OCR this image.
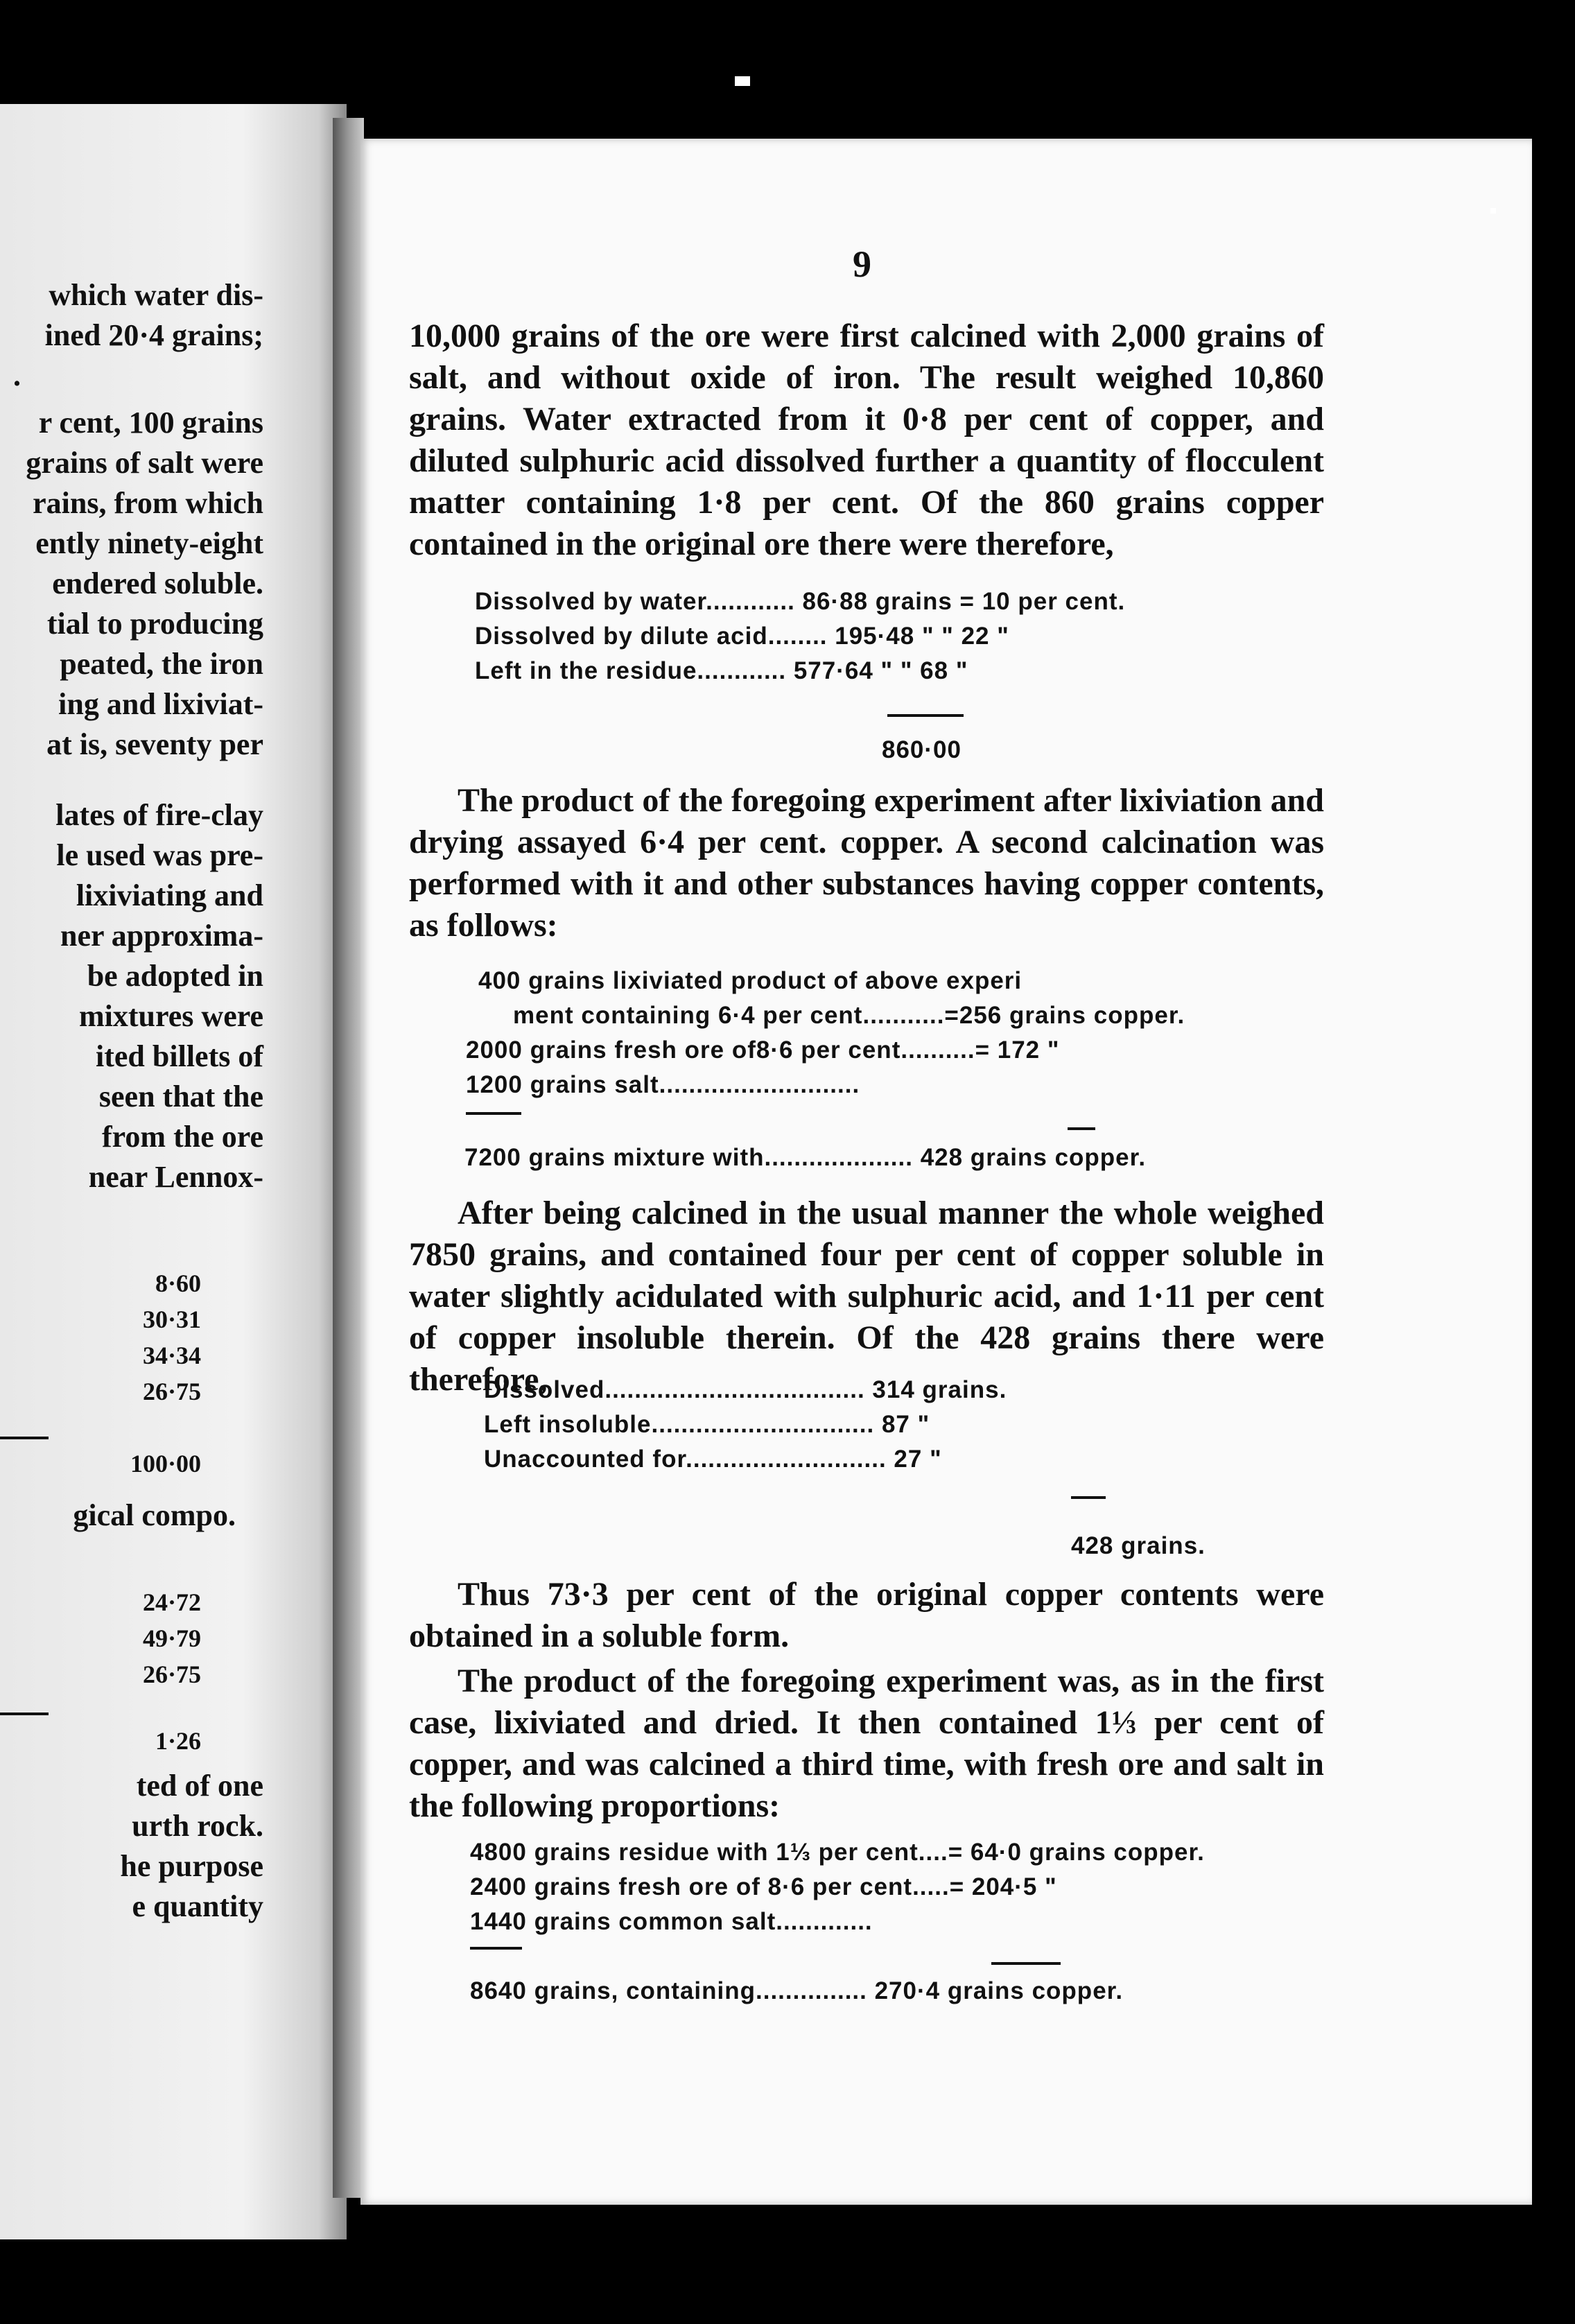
which water dis-
ined 20·4 grains;
.
r cent, 100 grains
grains of salt were
rains, from which
ently ninety-eight
endered soluble.
tial to producing
peated, the iron
ing and lixiviat-
at is, seventy per
lates of fire-clay
le used was pre-
lixiviating and
ner approxima-
be adopted in
mixtures were
ited billets of
seen that the
from the ore
near Lennox-
8·60
30·31
34·34
26·75
100·00
gical compo.
24·72
49·79
26·75
1·26
ted of one
urth rock.
he purpose
e quantity
9
10,000 grains of the ore were first calcined with 2,000 grains of salt, and without oxide of iron. The result weighed 10,860 grains. Water extracted from it 0·8 per cent of copper, and diluted sulphuric acid dissolved further a quantity of flocculent matter containing 1·8 per cent. Of the 860 grains copper contained in the original ore there were therefore,
Dissolved by water............ 86·88 grains = 10 per cent.
Dissolved by dilute acid........ 195·48 " " 22 "
Left in the residue............ 577·64 " " 68 "
860·00
The product of the foregoing experiment after lixiviation and drying assayed 6·4 per cent. copper. A second calcination was performed with it and other substances having copper contents, as follows:
400 grains lixiviated product of above experi
ment containing 6·4 per cent...........=256 grains copper.
2000 grains fresh ore of8·6 per cent..........= 172 "
1200 grains salt...........................
7200 grains mixture with.................... 428 grains copper.
After being calcined in the usual manner the whole weighed 7850 grains, and contained four per cent of copper soluble in water slightly acidulated with sulphuric acid, and 1·11 per cent of copper insoluble therein. Of the 428 grains there were therefore,
Dissolved................................... 314 grains.
Left insoluble.............................. 87 "
Unaccounted for........................... 27 "
428 grains.
Thus 73·3 per cent of the original copper contents were obtained in a soluble form.
The product of the foregoing experiment was, as in the first case, lixiviated and dried. It then contained 1⅓ per cent of copper, and was calcined a third time, with fresh ore and salt in the following proportions:
4800 grains residue with 1⅓ per cent....= 64·0 grains copper.
2400 grains fresh ore of 8·6 per cent.....= 204·5 "
1440 grains common salt.............
8640 grains, containing............... 270·4 grains copper.
